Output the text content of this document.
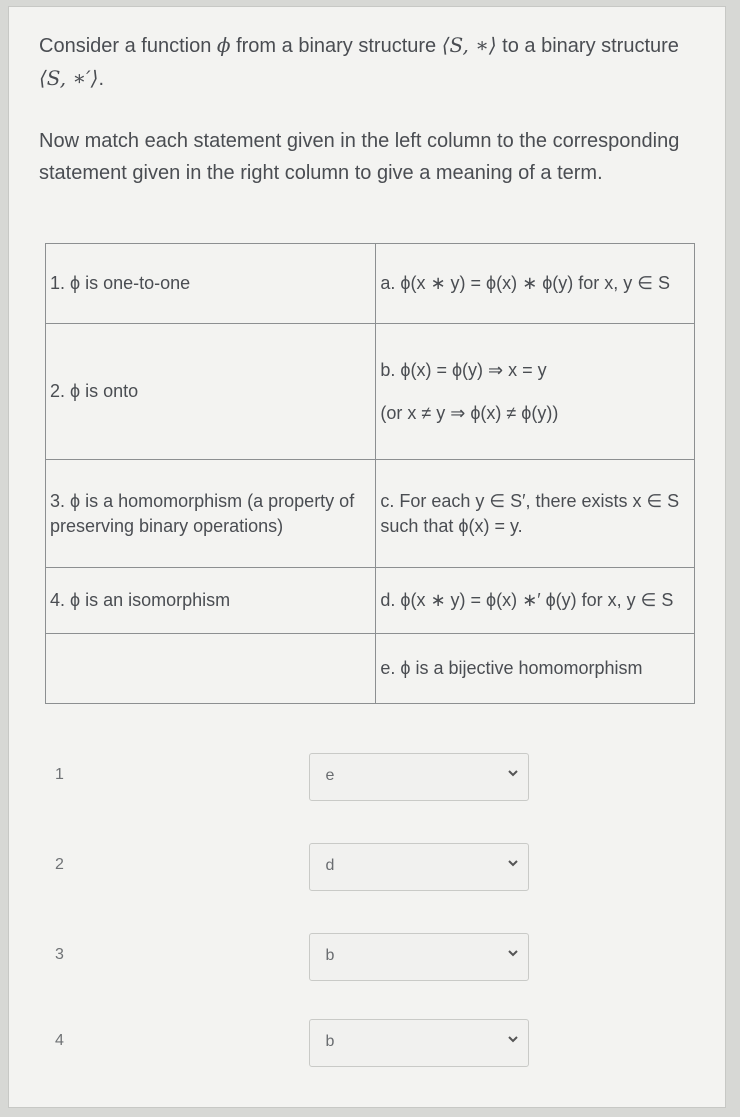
Consider a function ϕ from a binary structure ⟨S, ∗⟩ to a binary structure ⟨S, ∗′⟩.
Now match each statement given in the left column to the corresponding statement given in the right column to give a meaning of a term.
1. ϕ is one-to-one	a. ϕ(x ∗ y) = ϕ(x) ∗ ϕ(y) for x, y ∈ S
2. ϕ is onto	b. ϕ(x) = ϕ(y) ⇒ x = y
(or x ≠ y ⇒ ϕ(x) ≠ ϕ(y))

3. ϕ is a homomorphism (a property of preserving binary operations)	c. For each y ∈ S′, there exists x ∈ S such that ϕ(x) = y.
4. ϕ is an isomorphism	d. ϕ(x ∗ y) = ϕ(x) ∗′ ϕ(y) for x, y ∈ S
	e. ϕ is a bijective homomorphism
1	e
2	d
3	b
4	b
